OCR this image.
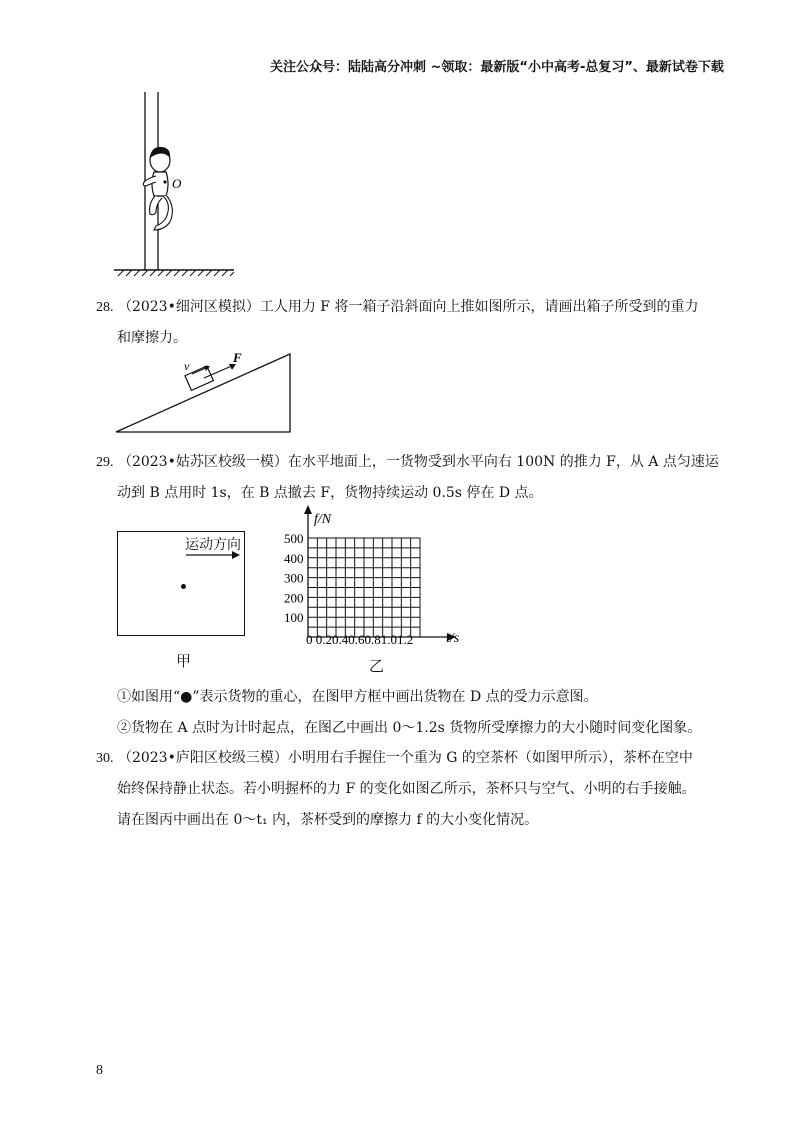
关注公众号：陆陆高分冲刺 ~领取：最新版“小中高考-总复习”、最新试卷下载
O
28. （2023•细河区模拟）工人用力 F 将一箱子沿斜面向上推如图所示，请画出箱子所受到的重力
和摩擦力。
v
F
29. （2023•姑苏区校级一模）在水平地面上，一货物受到水平向右 100N 的推力 F，从 A 点匀速运
动到 B 点用时 1s，在 B 点撤去 F，货物持续运动 0.5s 停在 D 点。
运动方向
甲
f/N
t/s
500
400
300
200
100
0 0.20.40.60.81.01.2
乙
①如图用“●”表示货物的重心，在图甲方框中画出货物在 D 点的受力示意图。
②货物在 A 点时为计时起点，在图乙中画出 0～1.2s 货物所受摩擦力的大小随时间变化图象。
30. （2023•庐阳区校级三模）小明用右手握住一个重为 G 的空茶杯（如图甲所示），茶杯在空中
始终保持静止状态。若小明握杯的力 F 的变化如图乙所示，茶杯只与空气、小明的右手接触。
请在图丙中画出在 0～t₁ 内，茶杯受到的摩擦力 f 的大小变化情况。
8
